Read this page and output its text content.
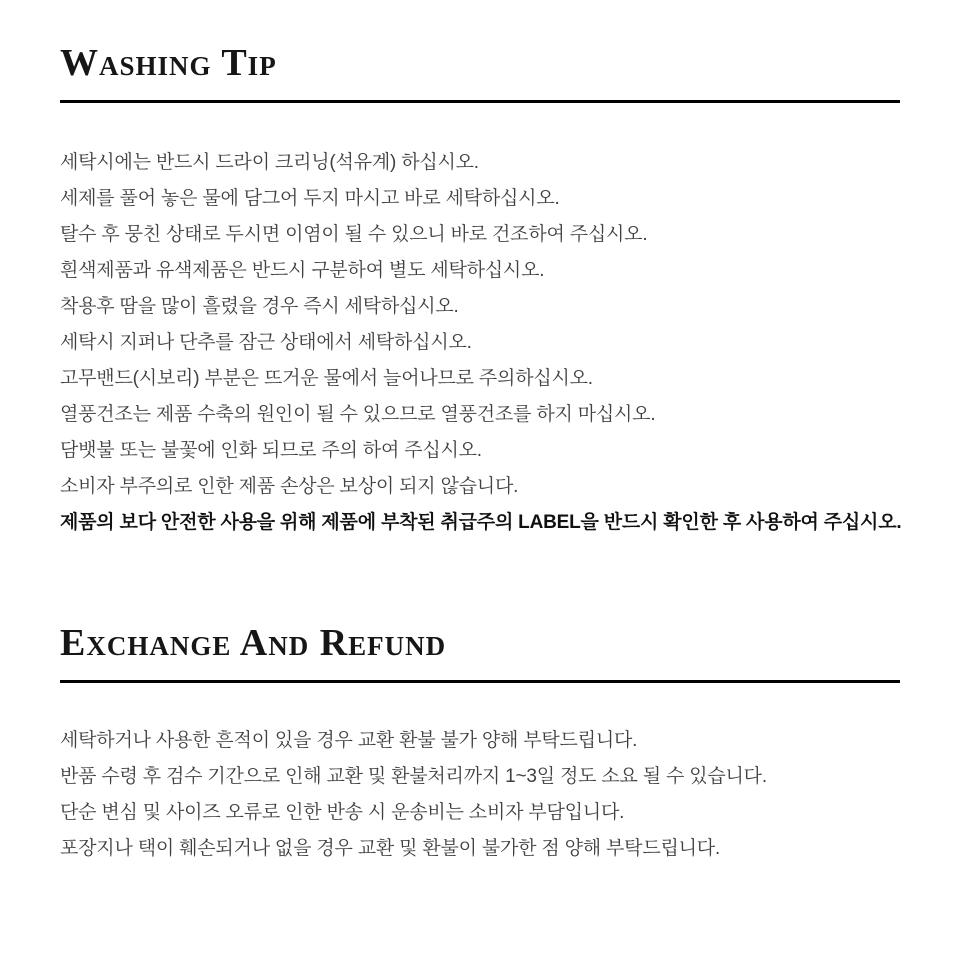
Washing Tip

세탁시에는 반드시 드라이 크리닝(석유계) 하십시오.

세제를 풀어 놓은 물에 담그어 두지 마시고 바로 세탁하십시오.

탈수 후 뭉친 상태로 두시면 이염이 될 수 있으니 바로 건조하여 주십시오.

흰색제품과 유색제품은 반드시 구분하여 별도 세탁하십시오.

착용후 땀을 많이 흘렸을 경우 즉시 세탁하십시오.

세탁시 지퍼나 단추를 잠근 상태에서 세탁하십시오.

고무밴드(시보리) 부분은 뜨거운 물에서 늘어나므로 주의하십시오.

열풍건조는 제품 수축의 원인이 될 수 있으므로 열풍건조를 하지 마십시오.

담뱃불 또는 불꽃에 인화 되므로 주의 하여 주십시오.

소비자 부주의로 인한 제품 손상은 보상이 되지 않습니다.

제품의 보다 안전한 사용을 위해 제품에 부착된 취급주의 LABEL을 반드시 확인한 후 사용하여 주십시오.

Exchange And Refund

세탁하거나 사용한 흔적이 있을 경우 교환 환불 불가 양해 부탁드립니다.

반품 수령 후 검수 기간으로 인해 교환 및 환불처리까지 1~3일 정도 소요 될 수 있습니다.

단순 변심 및 사이즈 오류로 인한 반송 시 운송비는 소비자 부담입니다.

포장지나 택이 훼손되거나 없을 경우 교환 및 환불이 불가한 점 양해 부탁드립니다.
